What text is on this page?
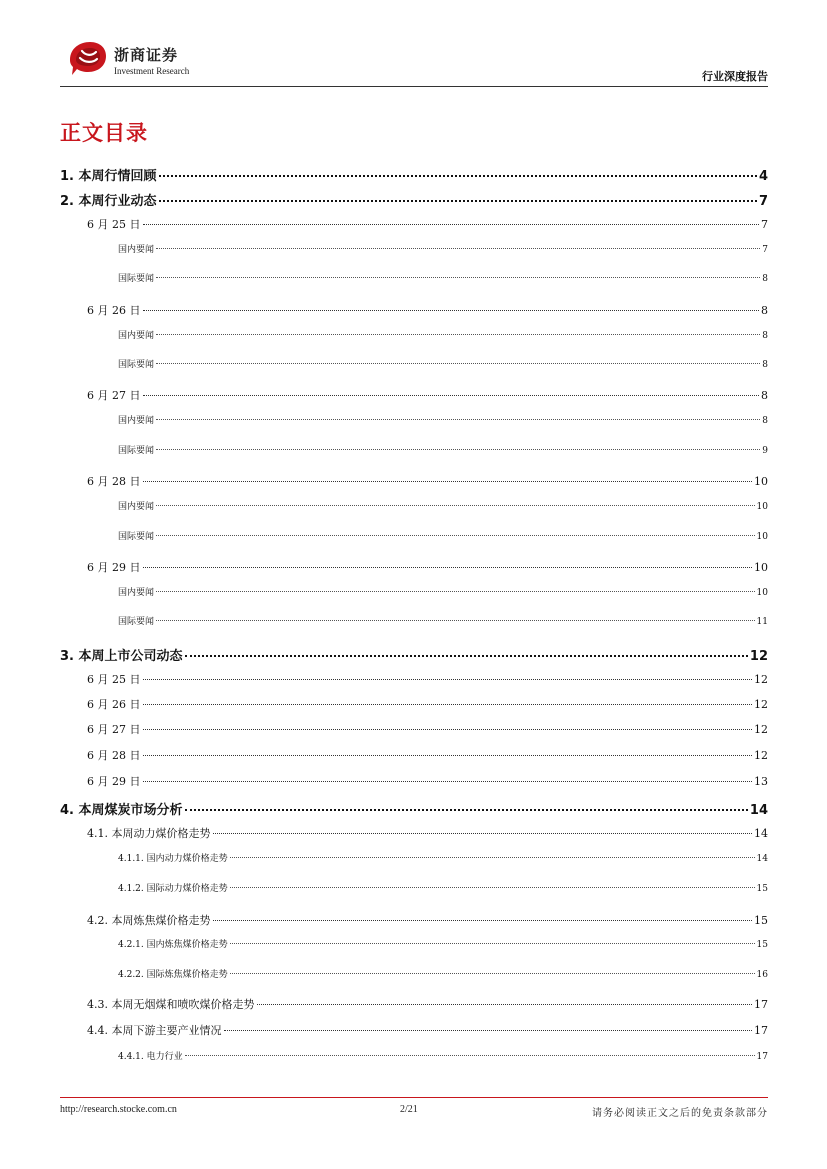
浙商证券
Investment Research	行业深度报告
正文目录
1. 本周行情回顾	4
2. 本周行业动态	7
6 月 25 日	7
国内要闻	7
国际要闻	8
6 月 26 日	8
国内要闻	8
国际要闻	8
6 月 27 日	8
国内要闻	8
国际要闻	9
6 月 28 日	10
国内要闻	10
国际要闻	10
6 月 29 日	10
国内要闻	10
国际要闻	11
3. 本周上市公司动态	12
6 月 25 日	12
6 月 26 日	12
6 月 27 日	12
6 月 28 日	12
6 月 29 日	13
4. 本周煤炭市场分析	14
4.1. 本周动力煤价格走势	14
4.1.1. 国内动力煤价格走势	14
4.1.2. 国际动力煤价格走势	15
4.2. 本周炼焦煤价格走势	15
4.2.1. 国内炼焦煤价格走势	15
4.2.2. 国际炼焦煤价格走势	16
4.3. 本周无烟煤和喷吹煤价格走势	17
4.4. 本周下游主要产业情况	17
4.4.1. 电力行业	17
http://research.stocke.com.cn	2/21	请务必阅读正文之后的免责条款部分
